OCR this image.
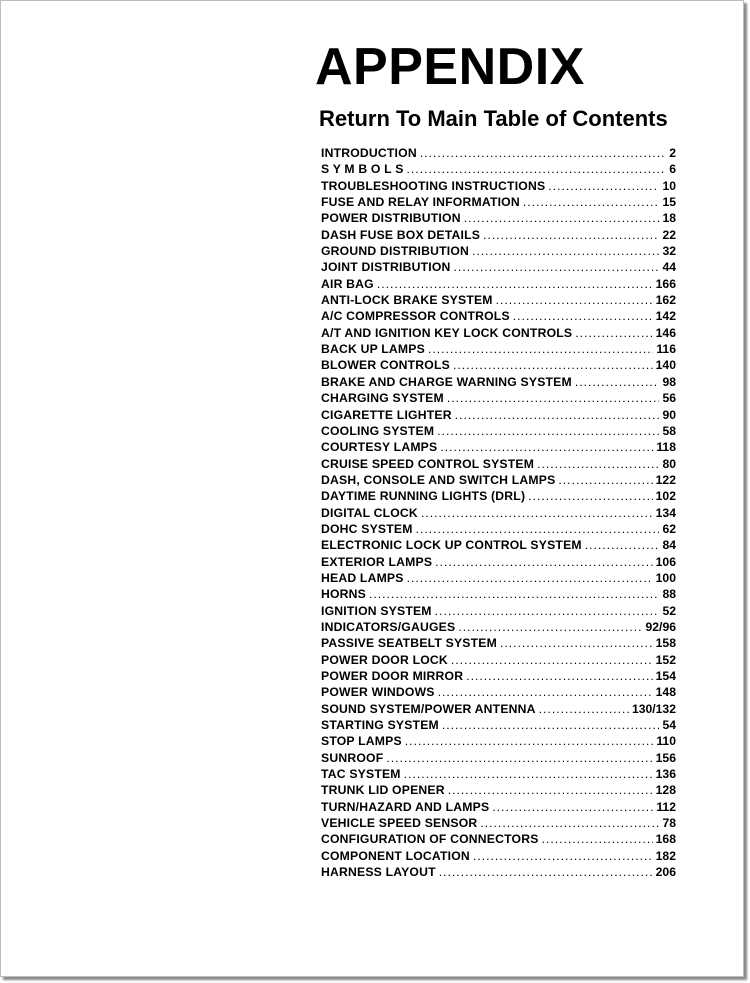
APPENDIX
Return To Main Table of Contents
INTRODUCTION .....	2
S Y M B O L S .....	6
TROUBLESHOOTING INSTRUCTIONS .....	10
FUSE AND RELAY INFORMATION .....	15
POWER DISTRIBUTION .....	18
DASH FUSE BOX DETAILS .....	22
GROUND DISTRIBUTION .....	32
JOINT DISTRIBUTION .....	44
AIR BAG .....	166
ANTI-LOCK BRAKE SYSTEM .....	162
A/C COMPRESSOR CONTROLS .....	142
A/T AND IGNITION KEY LOCK CONTROLS .....	146
BACK UP LAMPS .....	116
BLOWER CONTROLS .....	140
BRAKE AND CHARGE WARNING SYSTEM .....	98
CHARGING SYSTEM .....	56
CIGARETTE LIGHTER .....	90
COOLING SYSTEM .....	58
COURTESY LAMPS .....	118
CRUISE SPEED CONTROL SYSTEM .....	80
DASH, CONSOLE AND SWITCH LAMPS .....	122
DAYTIME RUNNING LIGHTS (DRL) .....	102
DIGITAL CLOCK .....	134
DOHC SYSTEM .....	62
ELECTRONIC LOCK UP CONTROL SYSTEM .....	84
EXTERIOR LAMPS .....	106
HEAD LAMPS .....	100
HORNS .....	88
IGNITION SYSTEM .....	52
INDICATORS/GAUGES .....	92/96
PASSIVE SEATBELT SYSTEM .....	158
POWER DOOR LOCK .....	152
POWER DOOR MIRROR .....	154
POWER WINDOWS .....	148
SOUND SYSTEM/POWER ANTENNA .....	130/132
STARTING SYSTEM .....	54
STOP LAMPS .....	110
SUNROOF .....	156
TAC SYSTEM .....	136
TRUNK LID OPENER .....	128
TURN/HAZARD AND LAMPS .....	112
VEHICLE SPEED SENSOR .....	78
CONFIGURATION OF CONNECTORS .....	168
COMPONENT LOCATION .....	182
HARNESS LAYOUT .....	206
